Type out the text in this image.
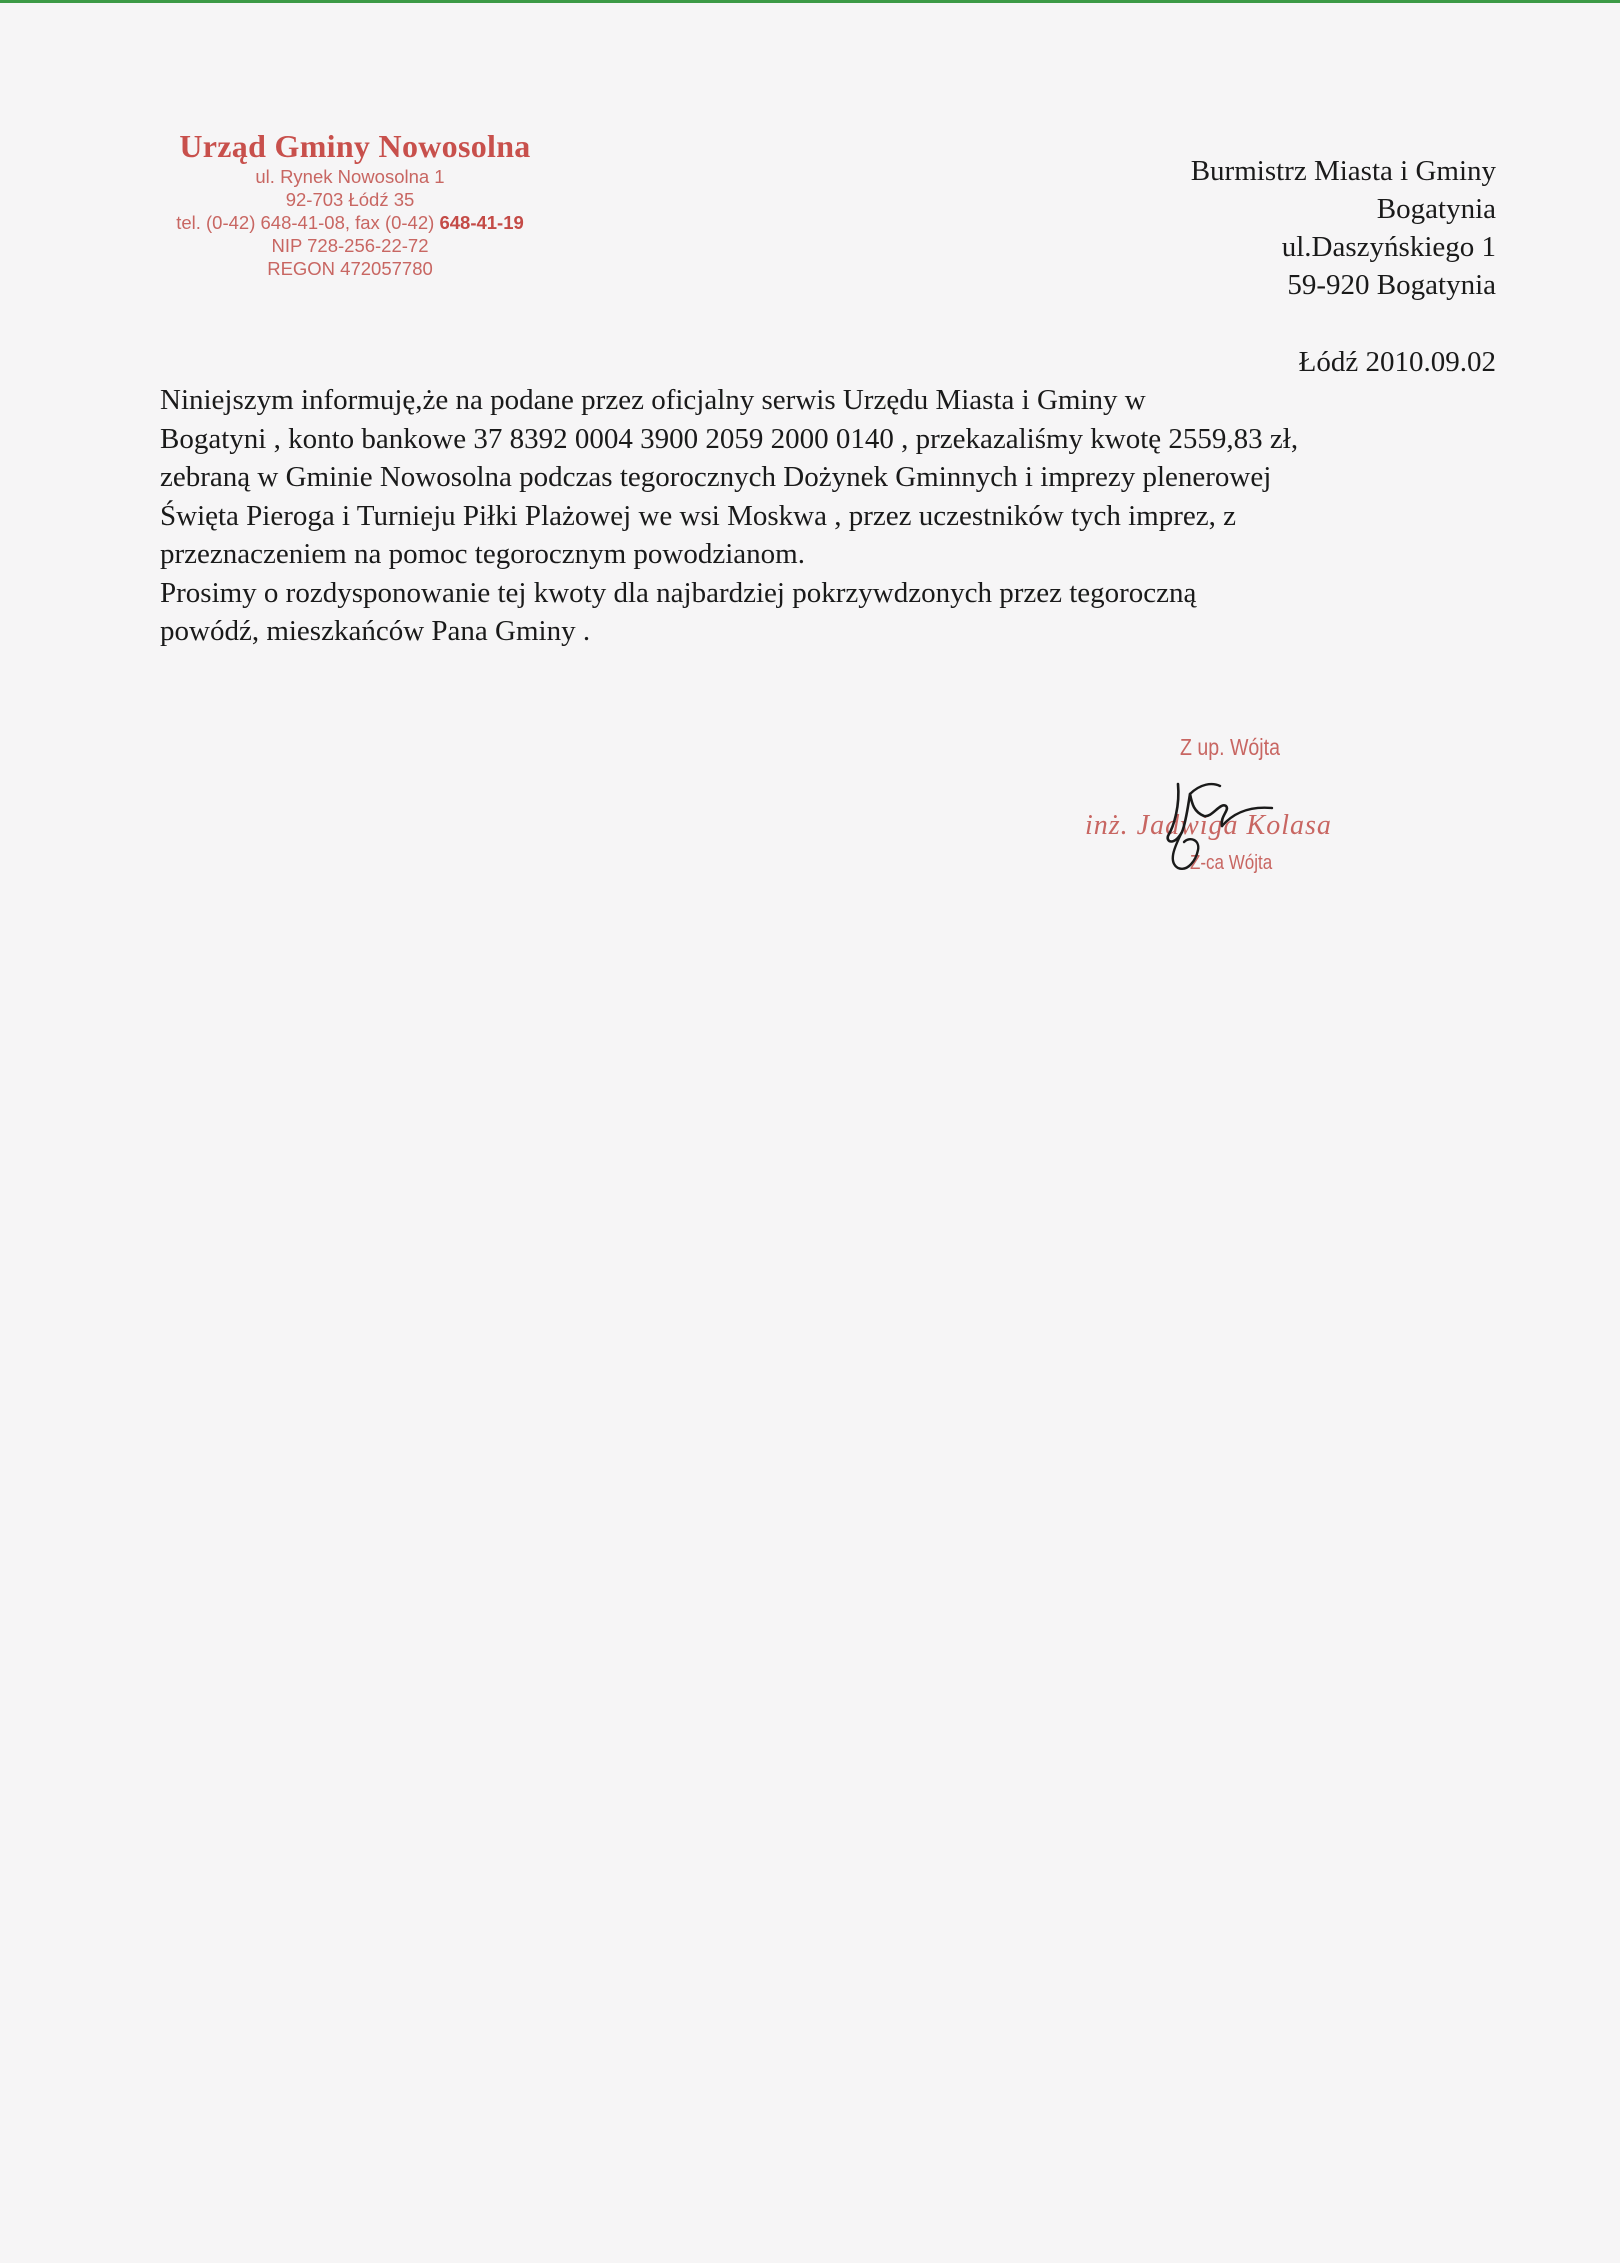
Urząd Gminy Nowosolna
ul. Rynek Nowosolna 1
92-703 Łódź 35
tel. (0-42) 648-41-08, fax (0-42) 648-41-19
NIP 728-256-22-72
REGON 472057780
Burmistrz Miasta i Gminy
Bogatynia
ul.Daszyńskiego 1
59-920 Bogatynia
Łódź 2010.09.02

Niniejszym informuję,że na podane przez oficjalny serwis Urzędu Miasta i Gminy w
Bogatyni , konto bankowe 37 8392 0004 3900 2059 2000 0140 , przekazaliśmy kwotę 2559,83 zł,
zebraną w Gminie Nowosolna podczas tegorocznych Dożynek Gminnych i imprezy plenerowej
Święta Pieroga i Turnieju Piłki Plażowej we wsi Moskwa , przez uczestników tych imprez, z
przeznaczeniem na pomoc tegorocznym powodzianom.

Prosimy o rozdysponowanie tej kwoty dla najbardziej pokrzywdzonych przez tegoroczną
powódź, mieszkańców Pana Gminy .

Z up. Wójta
inż. Jadwiga Kolasa
Z-ca Wójta
